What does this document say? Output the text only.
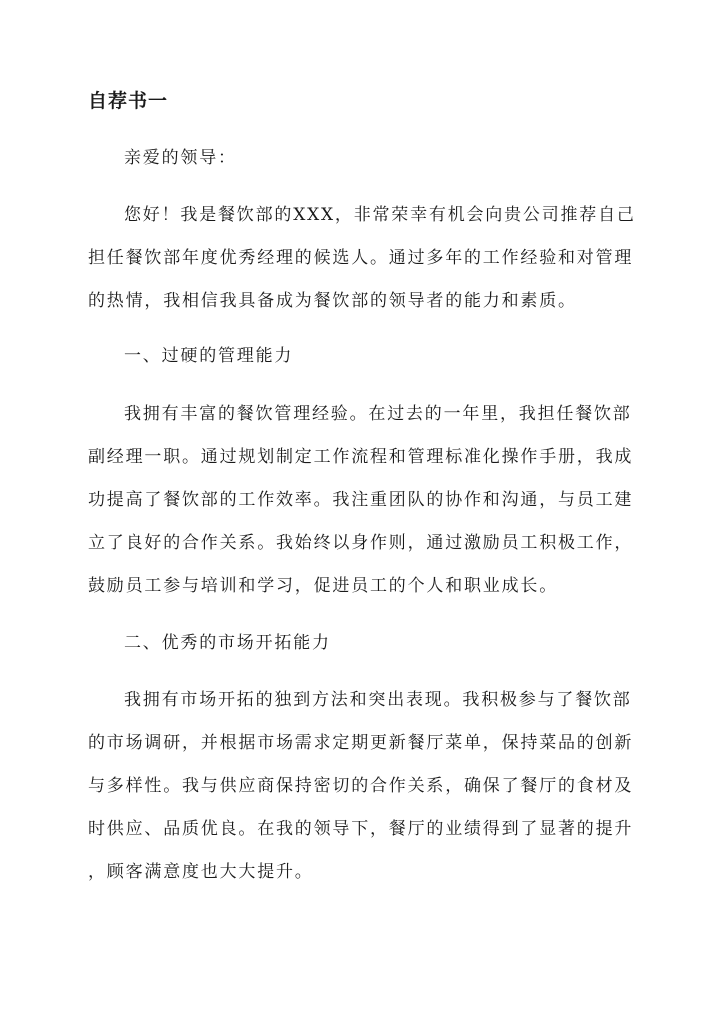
自荐书一

亲爱的领导：

您好！我是餐饮部的XXX，非常荣幸有机会向贵公司推荐自己

担任餐饮部年度优秀经理的候选人。通过多年的工作经验和对管理

的热情，我相信我具备成为餐饮部的领导者的能力和素质。

一、过硬的管理能力

我拥有丰富的餐饮管理经验。在过去的一年里，我担任餐饮部

副经理一职。通过规划制定工作流程和管理标准化操作手册，我成

功提高了餐饮部的工作效率。我注重团队的协作和沟通，与员工建

立了良好的合作关系。我始终以身作则，通过激励员工积极工作，

鼓励员工参与培训和学习，促进员工的个人和职业成长。

二、优秀的市场开拓能力

我拥有市场开拓的独到方法和突出表现。我积极参与了餐饮部

的市场调研，并根据市场需求定期更新餐厅菜单，保持菜品的创新

与多样性。我与供应商保持密切的合作关系，确保了餐厅的食材及

时供应、品质优良。在我的领导下，餐厅的业绩得到了显著的提升

，顾客满意度也大大提升。
